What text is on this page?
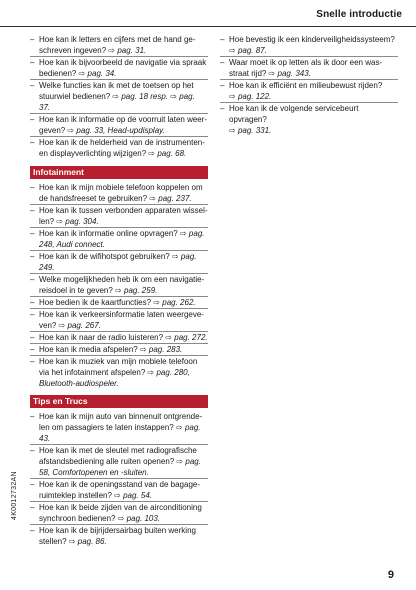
Snelle introductie
– Hoe kan ik letters en cijfers met de hand ge-
schreven ingeven? ⇨ pag. 31.
– Hoe kan ik bijvoorbeeld de navigatie via spraak
bedienen? ⇨ pag. 34.
– Welke functies kan ik met de toetsen op het
stuurwiel bedienen? ⇨ pag. 18 resp. ⇨ pag.
37.
– Hoe kan ik informatie op de voorruit laten weer-
geven? ⇨ pag. 33, Head-updisplay.
– Hoe kan ik de helderheid van de instrumenten-
en displayverlichting wijzigen? ⇨ pag. 68.
Infotainment
– Hoe kan ik mijn mobiele telefoon koppelen om
de handsfreeset te gebruiken? ⇨ pag. 237.
– Hoe kan ik tussen verbonden apparaten wissel-
len? ⇨ pag. 304.
– Hoe kan ik informatie online opvragen? ⇨ pag.
248, Audi connect.
– Hoe kan ik de wifihotspot gebruiken? ⇨ pag.
249.
– Welke mogelijkheden heb ik om een navigatie-
reisdoel in te geven? ⇨ pag. 259.
– Hoe bedien ik de kaartfuncties? ⇨ pag. 262.
– Hoe kan ik verkeersinformatie laten weergeve-
ven? ⇨ pag. 267.
– Hoe kan ik naar de radio luisteren? ⇨ pag. 272.
– Hoe kan ik media afspelen? ⇨ pag. 283.
– Hoe kan ik muziek van mijn mobiele telefoon
via het infotainment afspelen? ⇨ pag. 280,
Bluetooth-audiospeler.
Tips en Trucs
– Hoe kan ik mijn auto van binnenuit ontgrende-
len om passagiers te laten instappen? ⇨ pag.
43.
– Hoe kan ik met de sleutel met radiografische
afstandsbediening alle ruiten openen? ⇨ pag.
58, Comfortopenen en -sluiten.
– Hoe kan ik de openingsstand van de bagage-
ruimteklep instellen? ⇨ pag. 54.
– Hoe kan ik beide zijden van de airconditioning
synchroon bedienen? ⇨ pag. 103.
– Hoe kan ik de bijrijdersairbag buiten werking
stellen? ⇨ pag. 86.
– Hoe bevestig ik een kinderveiligheidssysteem?
⇨ pag. 87.
– Waar moet ik op letten als ik door een was-
straat rijd? ⇨ pag. 343.
– Hoe kan ik efficiënt en milieubewust rijden?
⇨ pag. 122.
– Hoe kan ik de volgende servicebeurt opvragen?
⇨ pag. 331.
4K0012732AN
9
